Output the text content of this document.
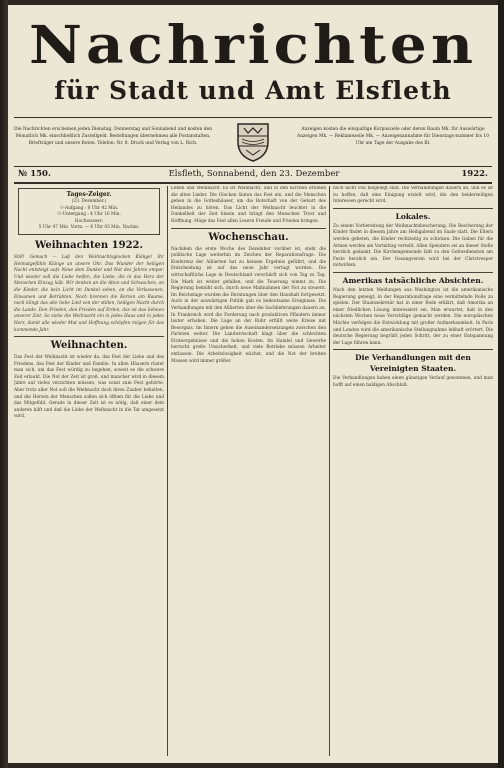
Nachrichten
für Stadt und Amt Elsfleth

Die Nachrichten erscheinen jeden Dienstag, Donnerstag und Sonnabend und kosten den Monatlich Mk. einschließlich Zustellgeld. Bestellungen übernehmen alle Postanstalten, Briefträger und unsere Boten. Telefon: Nr. 8. Druck und Verlag von L. Rich.

Anzeigen kosten die einspaltige Korpuszeile oder deren Raum Mk. für Auswärtige Anzeigen Mk. — Reklamezeile Mk. — Anzeigenannahme für Dienstags-nummer bis 10 Uhr am Tage der Ausgabe des Bl.

№ 150.	Elsfleth, Sonnabend, den 23. Dezember	1922.
Tages-Zeiger.

(23. Dezember.)

☉-Aufgang : 8 Uhr 42 Min.

☉-Untergang : 4 Uhr 16 Min.

Hochwasser:

5 Uhr 47 Min. Vorm. — 6 Uhr 05 Min. Nachm.

Weihnachten 1922.

Still! Gemach — Laß den Weihnachtsglocken Klänge! Ihr Heimatgefühls Klänge an unsere Ohr. Das Wunder der heiligen Nacht entsteigt aufs Neue dem Dunkel und Not des Jahres empor. Und wieder soll die Liebe helfen, die Liebe, die in das Herz der Menschen Einzug hält. Wir denken an die Alten und Schwachen, an die Kinder, die kein Licht im Dunkel sehen, an die Verlassenen, Einsamen und Betrübten. Noch brennen die Kerzen am Baume, noch klingt das alte liebe Lied von der stillen, heiligen Nacht durch die Lande. Den Frieden, den Frieden auf Erden, das ist das Sehnen unserer Zeit. So ziehe die Weihnacht ein in jedes Haus und in jedes Herz, damit alle wieder Mut und Hoffnung schöpfen mögen für das kommende Jahr.

Weihnachten.

Das Fest der Weihnacht ist wieder da, das Fest der Liebe und des Friedens, das Fest der Kinder und Familie. In allen Häusern rüstet man sich, um das Fest würdig zu begehen, soweit es die schwere Zeit erlaubt. Die Not der Zeit ist groß, und mancher wird in diesem Jahre auf vieles verzichten müssen, was sonst zum Fest gehörte. Aber trotz aller Not soll die Weihnacht doch ihren Zauber behalten, und die Herzen der Menschen sollen sich öffnen für die Liebe und das Mitgefühl. Gerade in dieser Zeit ist es nötig, daß einer dem anderen hilft und daß die Liebe der Weihnacht in die Tat umgesetzt wird.

Leben und Weihnacht. Es ist Weihnacht, und in den Kirchen ertönen die alten Lieder. Die Glocken läuten das Fest ein, und die Menschen gehen in die Gotteshäuser, um die Botschaft von der Geburt des Heilandes zu hören. Das Licht der Weihnacht leuchtet in die Dunkelheit der Zeit hinein und bringt den Menschen Trost und Hoffnung. Möge das Fest allen Lesern Freude und Frieden bringen.

Wochenschau.

Nachdem die erste Woche des Dezember vorüber ist, steht die politische Lage weiterhin im Zeichen der Reparationsfrage. Die Konferenz der Alliierten hat zu keinem Ergebnis geführt, und die Entscheidung ist auf das neue Jahr vertagt worden. Die wirtschaftliche Lage in Deutschland verschärft sich von Tag zu Tag. Die Mark ist weiter gefallen, und die Teuerung nimmt zu. Die Regierung bemüht sich, durch neue Maßnahmen der Not zu steuern. Im Reichstage wurden die Beratungen über den Haushalt fortgesetzt. Auch in der auswärtigen Politik gab es bedeutsame Ereignisse. Die Verhandlungen mit den Alliierten über die Sachlieferungen dauern an. In Frankreich wird die Forderung nach produktiven Pfändern immer lauter erhoben. Die Lage an der Ruhr erfüllt weite Kreise mit Besorgnis. Im Innern gehen die Auseinandersetzungen zwischen den Parteien weiter. Die Landwirtschaft klagt über die schlechten Ernteergebnisse und die hohen Kosten. Im Handel und Gewerbe herrscht große Unsicherheit, und viele Betriebe müssen Arbeiter entlassen. Die Arbeitslosigkeit wächst, und die Not der breiten Massen wird immer größer.

noch nicht voll beigelegt sind. Die Verhandlungen dauern an, und es ist zu hoffen, daß eine Einigung erzielt wird, die den beiderseitigen Interessen gerecht wird.

Lokales.

Zu einem Vorbereitung der Weihnachtsbescherung. Die Bescherung der Kinder findet in diesem Jahre am Heiligabend im Saale statt. Die Eltern werden gebeten, die Kinder rechtzeitig zu schicken. Die Gaben für die Armen werden am Vormittag verteilt. Allen Spendern sei an dieser Stelle herzlich gedankt. Die Kirchengemeinde lädt zu den Gottesdiensten am Feste herzlich ein. Der Gesangverein wird bei der Christvesper mitwirken.

Amerikas tatsächliche Absichten.

Nach den letzten Meldungen aus Washington ist die amerikanische Regierung geneigt, in der Reparationsfrage eine vermittelnde Rolle zu spielen. Der Staatssekretär hat in einer Rede erklärt, daß Amerika an einer friedlichen Lösung interessiert sei. Man erwartet, daß in den nächsten Wochen neue Vorschläge gemacht werden. Die europäischen Mächte verfolgen die Entwicklung mit großer Aufmerksamkeit. In Paris und London wird die amerikanische Stellungnahme lebhaft erörtert. Die deutsche Regierung begrüßt jeden Schritt, der zu einer Entspannung der Lage führen kann.

Die Verhandlungen mit den Vereinigten Staaten.

Die Verhandlungen haben einen günstigen Verlauf genommen, und man hofft auf einen baldigen Abschluß.
